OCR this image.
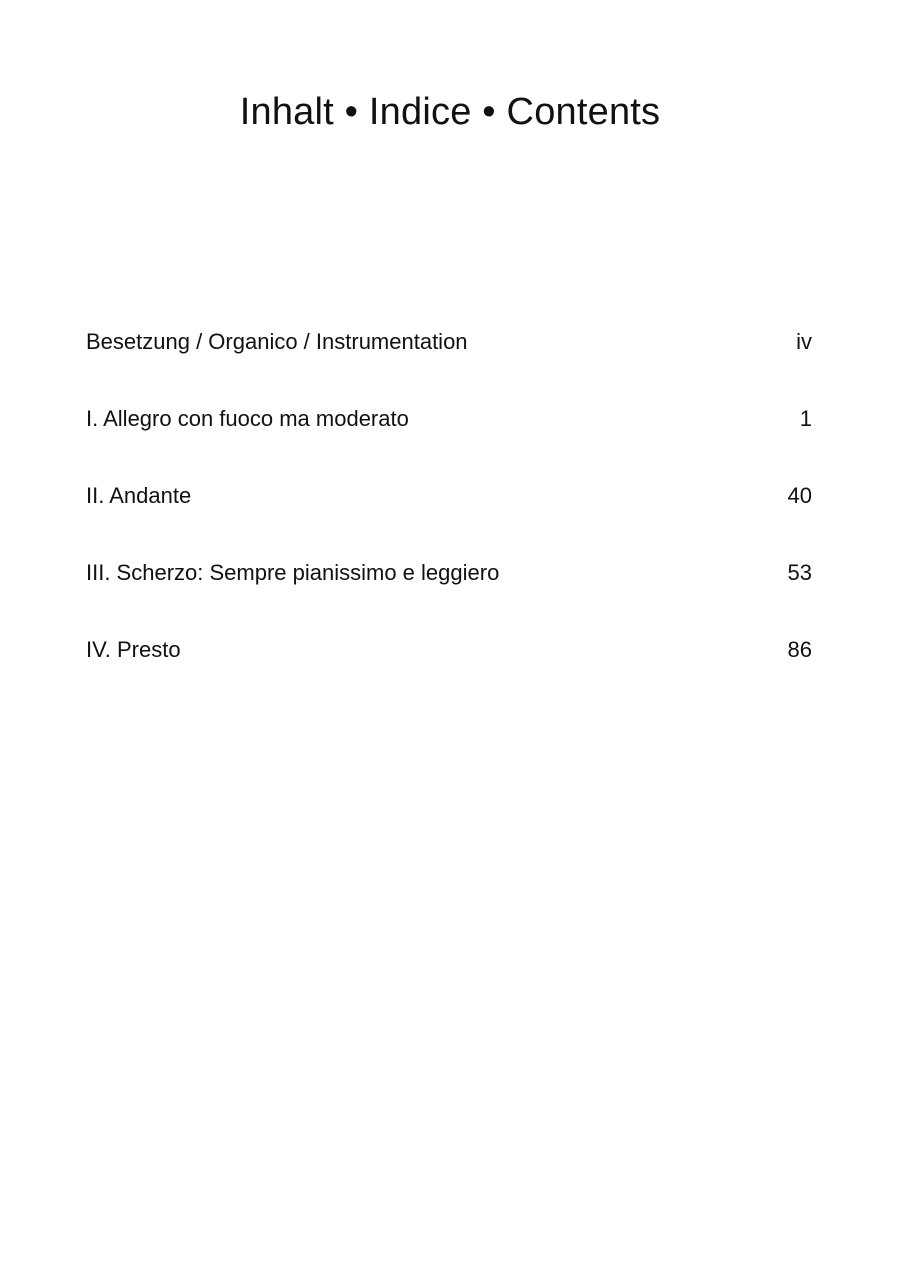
Inhalt • Indice • Contents
Besetzung / Organico / Instrumentation	iv
I. Allegro con fuoco ma moderato	1
II. Andante	40
III. Scherzo: Sempre pianissimo e leggiero	53
IV. Presto	86
